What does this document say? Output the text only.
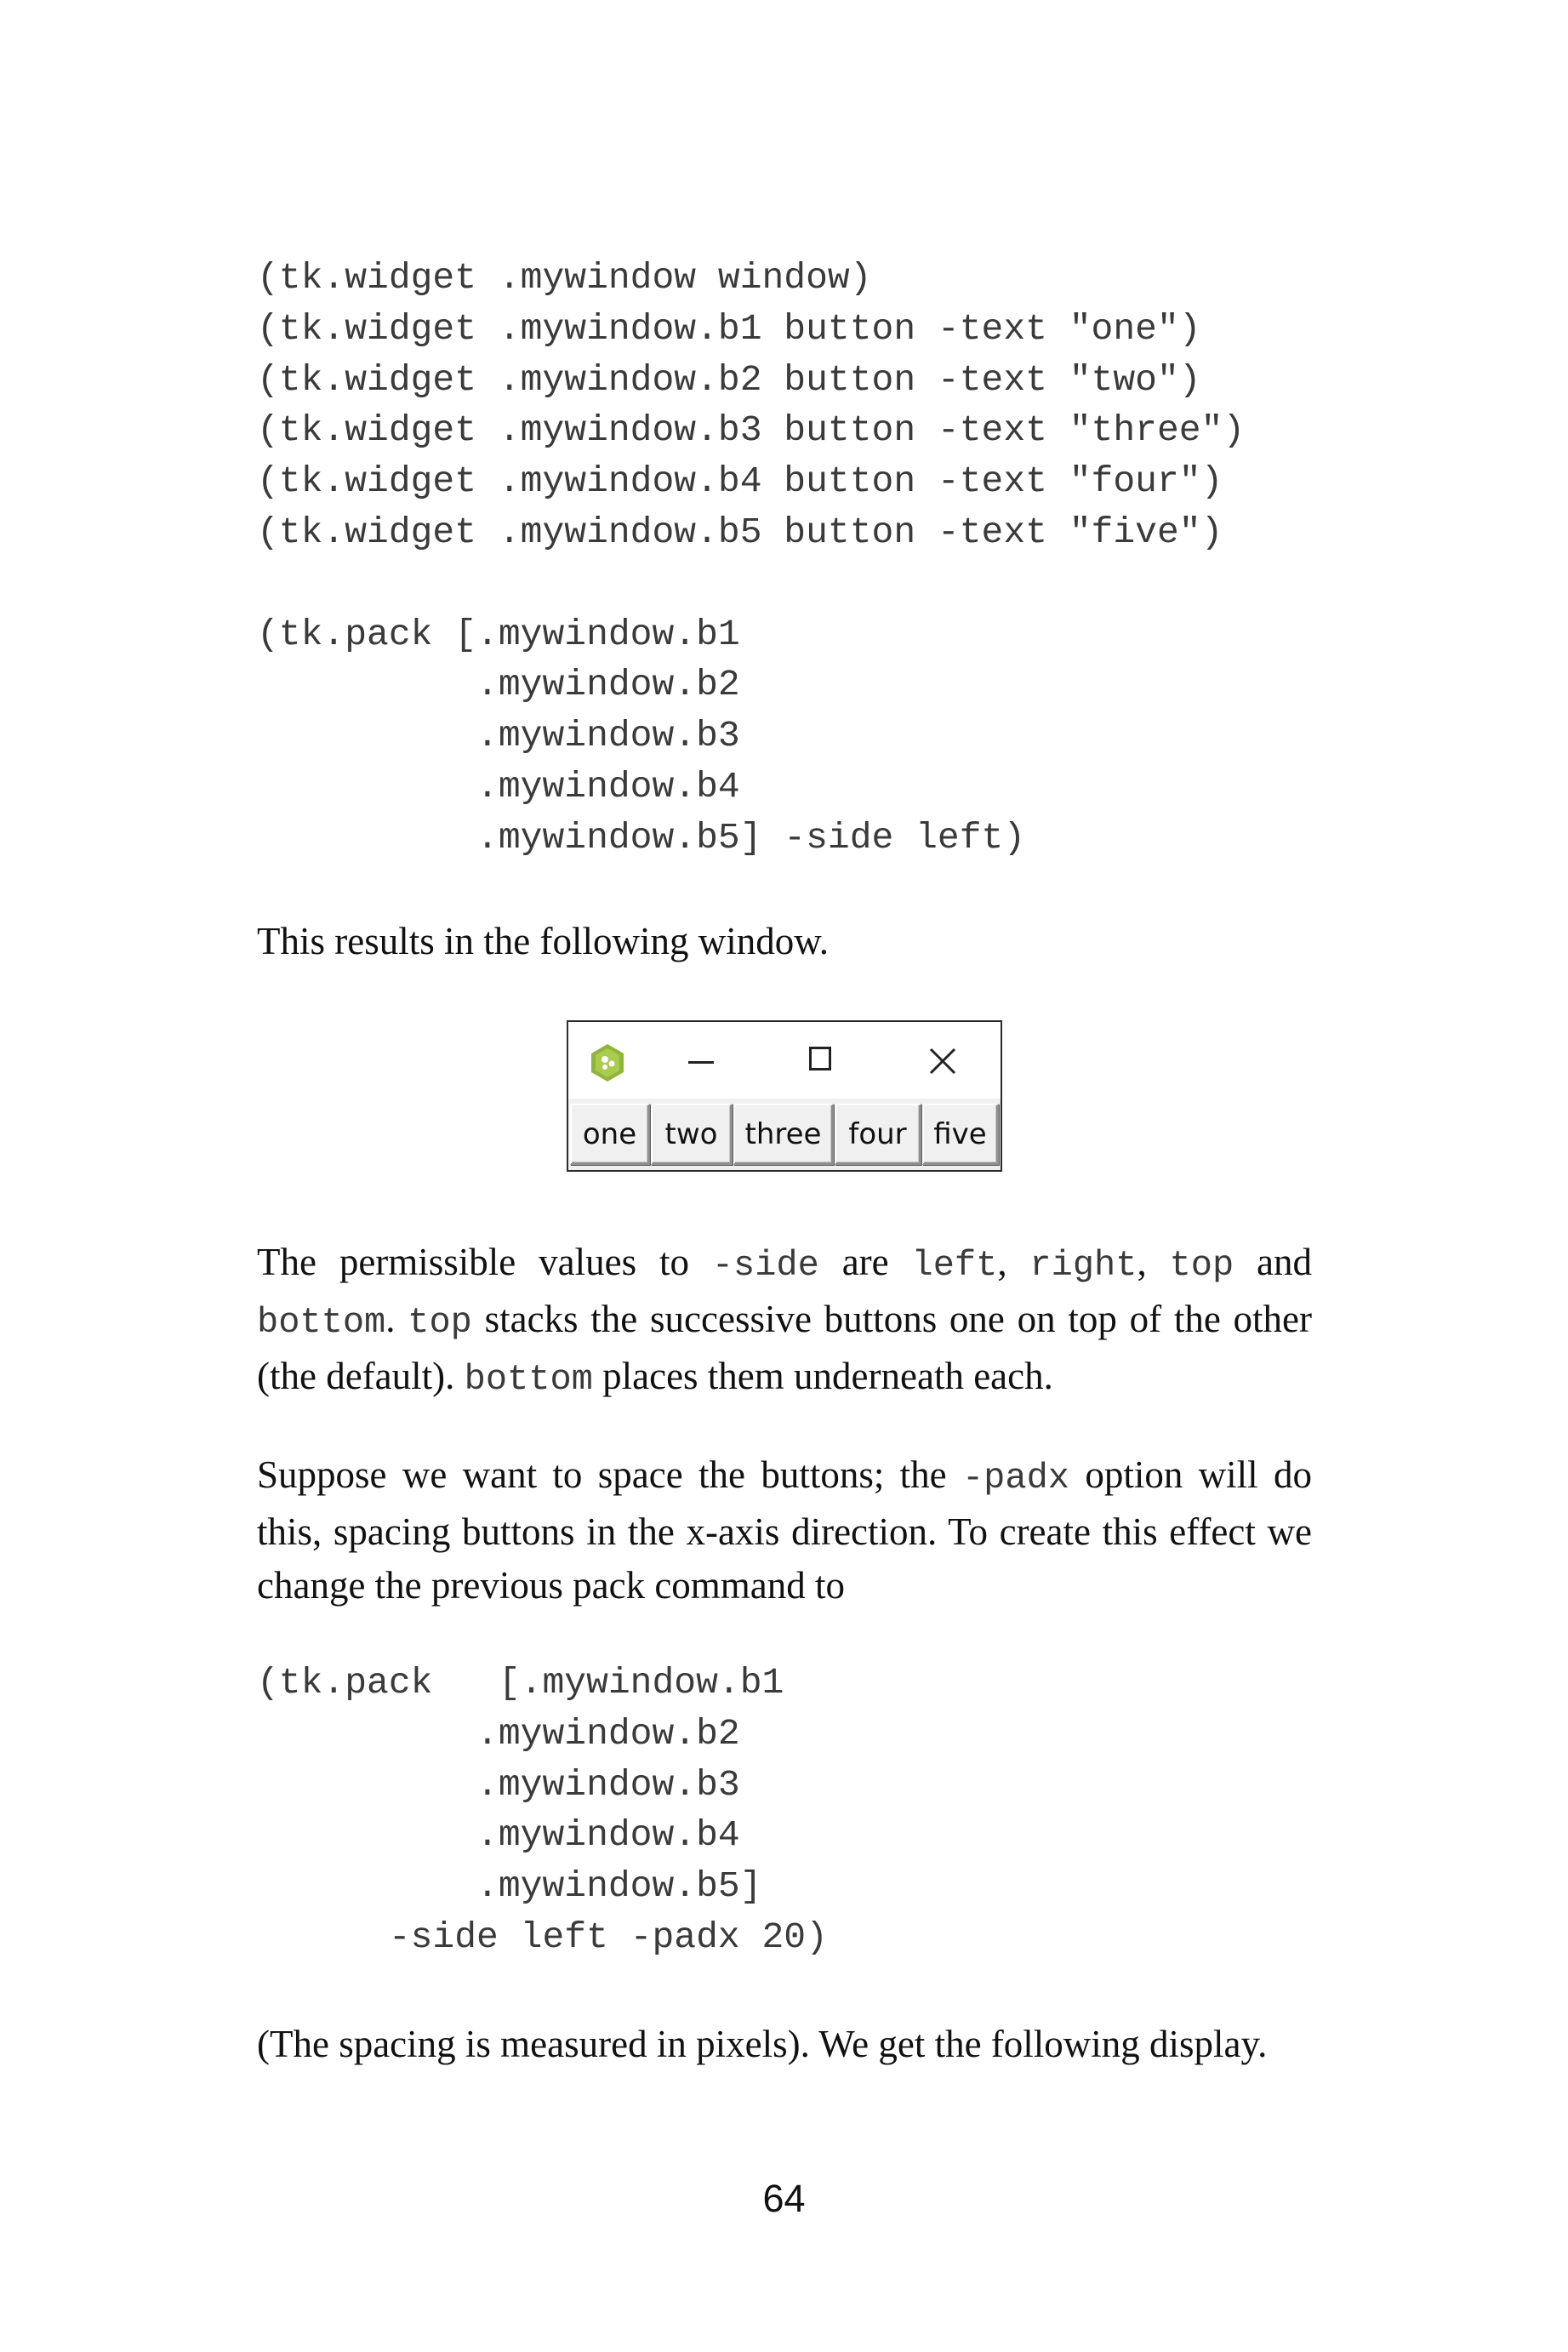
(tk.widget .mywindow window)
(tk.widget .mywindow.b1 button -text "one")
(tk.widget .mywindow.b2 button -text "two")
(tk.widget .mywindow.b3 button -text "three")
(tk.widget .mywindow.b4 button -text "four")
(tk.widget .mywindow.b5 button -text "five")

(tk.pack [.mywindow.b1
.mywindow.b2
.mywindow.b3
.mywindow.b4
.mywindow.b5] -side left)

This results in the following window.

one two three four five

The permissible values to -side are left, right, top and bottom. top stacks the successive buttons one on top of the other (the default). bottom places them underneath each.

Suppose we want to space the buttons; the -padx option will do this, spacing buttons in the x-axis direction. To create this effect we change the previous pack command to

(tk.pack   [.mywindow.b1
.mywindow.b2
.mywindow.b3
.mywindow.b4
.mywindow.b5]
-side left -padx 20)

(The spacing is measured in pixels). We get the following display.

64
